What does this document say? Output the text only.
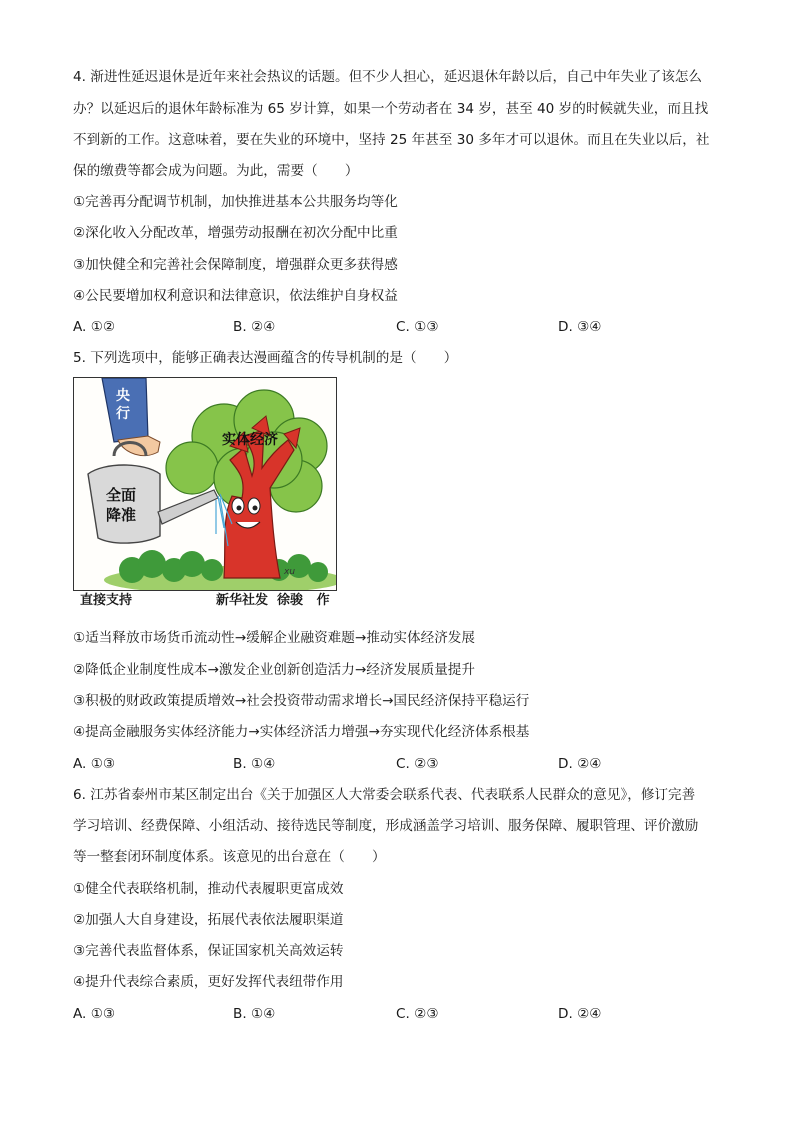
4. 渐进性延迟退休是近年来社会热议的话题。但不少人担心，延迟退休年龄以后，自己中年失业了该怎么
办？以延迟后的退休年龄标准为 65 岁计算，如果一个劳动者在 34 岁，甚至 40 岁的时候就失业，而且找
不到新的工作。这意味着，要在失业的环境中，坚持 25 年甚至 30 多年才可以退休。而且在失业以后，社
保的缴费等都会成为问题。为此，需要（　　）
①完善再分配调节机制，加快推进基本公共服务均等化
②深化收入分配改革，增强劳动报酬在初次分配中比重
③加快健全和完善社会保障制度，增强群众更多获得感
④公民要增加权利意识和法律意识，依法维护自身权益
A. ①②	B. ②④	C. ①③	D. ③④
5. 下列选项中，能够正确表达漫画蕴含的传导机制的是（　　）
实体经济
央 行
全面 降准
xu
直接支持	新华社发  徐骏   作
①适当释放市场货币流动性→缓解企业融资难题→推动实体经济发展
②降低企业制度性成本→激发企业创新创造活力→经济发展质量提升
③积极的财政政策提质增效→社会投资带动需求增长→国民经济保持平稳运行
④提高金融服务实体经济能力→实体经济活力增强→夯实现代化经济体系根基
A. ①③	B. ①④	C. ②③	D. ②④
6. 江苏省泰州市某区制定出台《关于加强区人大常委会联系代表、代表联系人民群众的意见》，修订完善
学习培训、经费保障、小组活动、接待选民等制度，形成涵盖学习培训、服务保障、履职管理、评价激励
等一整套闭环制度体系。该意见的出台意在（　　）
①健全代表联络机制，推动代表履职更富成效
②加强人大自身建设，拓展代表依法履职渠道
③完善代表监督体系，保证国家机关高效运转
④提升代表综合素质，更好发挥代表纽带作用
A. ①③	B. ①④	C. ②③	D. ②④
